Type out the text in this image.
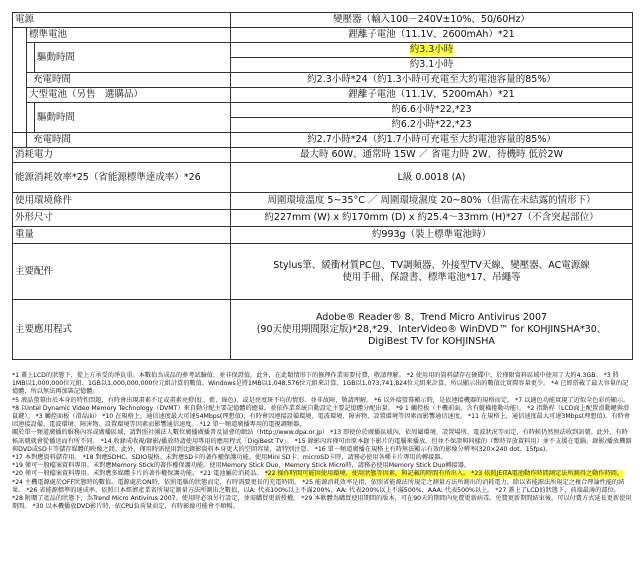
電源			變壓器（輸入100－240V±10%、50/60Hz）
	標準電池		鋰離子電池（11.1V、2600mAh）*21
		驅動時間	約3.3小時
			約3.1小時
	充電時間		約2.3小時*24（約1.3小時可充電至大約電池容量的85%）
	大型電池（另售　選購品）		鋰離子電池（11.1V、5200mAh）*21
		驅動時間	約6.6小時*22,*23
			約6.2小時*22,*23
	充電時間		約2.7小時*24（約1.7小時可充電至大約電池容量的85%）
消耗電力			最大時 60W、通常時 15W ／ 省電力時 2W、待機時 低於2W
能源消耗效率*25（省能源標準達成率）*26			L級 0.0018 (A)
使用環境條件			周圍環境溫度 5~35°C ／ 周圍環境濕度 20~80%（但需在未結露的情形下）
外形尺寸			約227mm (W) x 約170mm (D) x 約25.4～33mm (H)*27（不含突起部位）
重量			約993g（裝上標準電池時）
主要配件			Stylus筆、緩衝材質PC包、TV調頻器、外接型TV天線、變壓器、AC電源線
使用手冊、保證書、標準電池*17、吊繩等

主要應用程式			Adobe® Reader® 8、Trend Micro Antivirus 2007
(90天使用期間限定版)*28,*29、InterVideo® WinDVD™ for KOHJINSHA*30、
DigiBest TV for KOHJINSHA
*1 蓋上LCD的狀態下，從上方承受的淨負重。本數值為成品的參考試驗值，並非保證值。此外，在此類情形下的修理作業需要付費，敬請理解。 *2 使用用的資料儲存在硬碟中，於僅限資料區域中使用了大約4.3GB。 *3 將1MB以1,000,000位元組、1GB以1,000,000,000位元組計算的數值。Windows是將1MB以1,048,576位元組來計算、1GB以1,073,741,824位元組來計算，所以顯示出的數值比實際容量更少。 *4 已經搭載了最大容量的記憶體，所以無法再加裝記憶體。
*5 液晶螢幕由於本身的特性問題，有時會出現畫素不足或畫素亮燈(紅、藍、綠色)，或是亮度斑不均的情形。並非故障，敬請理解。 *6 以外接螢幕顯示時，是依連接機器的規格而定。 *7 以適色功能實現了近似全色彩的顯示。 *8 以Intel Dynamic Video Memory Technology（DVMT）來自動分配主要記憶體的總量，並依作業系統自動設定主要記憶體分配出量。 *9 1 觸控板（主機前面、含有縱橫捲動功能）。 *2 指點桿（LCD面上配置滑動鍵與滑鼠鍵）。 *3 觸控面板（滑晶面） *10 在規格上，通信速度最大可達54Mbps(理想值)，有時會因連接設備環境、電波環境、障害物、設置環境等因素而影響通信速度。 *11 在規格上，通信速度最大可達3Mbps(理想值)。有時會因連接設備、電波環境、障害物、設置環境等因素而影響通信速度。 *12 單一頻道廣播專用的電視調頻器。
關於單一頻道廣播的服務內容或廣播區域，請對照社團法人數位廣播廣播普及協會的網站（http://www.dpa.or.jp） *13 即使位於廣播區域內，依周圍環境、設置場所、電波狀況等而定，有時候仍然無法收到訊號。此外，有時候訊號就會從播送而有所不同。 *14 收錄成收視/錄影/播放時請使用專用的應用程式「DigiBest TV」。 *15 錄影內容僅可由原本錄下影片的電腦來播放。但並不保證與同樣的（暫時存放資料用）並不支援在電腦、錄影/播放機器與DVD或SD卡等儲存媒體的映像之間。此外，僅用時需使用到比錄影資料本身更大的空間容量，請特別注意。 *16 單一頻道廣播在規格上有時無法顯示有效的影像分辨率(320×240 dot、15fps)。
*17 本對應資料儲存用。 *18 對應SDHC、SDIO規格。未對應SD卡的著作權保護功能。使用Mini SD卡、microSD卡時，請務必使用各種卡片專用的轉接器。
*19 僅可一般檔案資料專用。未對應Memory Stick的著作權保護功能。使用Memory Stick Duo、Memory Stick Micro時，請務必使用Memory Stick Duo轉接器。
*20 僅可一般檔案資料專用。未對應多媒體卡片的著作權保護功能。 *21 電池屬於消耗品。 *22 操作時間可能因使用環境、使用狀態等因素，與記載的時間有所出入。 *23 依照JEITA電池動作時間測定法所測得之動作時間。 *24 主機電源處於OFF狀態時的數值。電源處於ON時，依照電腦的狀態而定，有時需要更長的充電時間。 *25 能源消耗效率是指，依照省能源法所規定之測量方法所測出的消耗電力，除以省能源法所規定之複合理論性能的結果。 *26 省能源標準的達成率。依照日本經濟產業省所規定測量方法所測出之數值，以A: 代表100%以上不滿200%、AA: 代表200%以上不滿500%、AAA: 代表500%以上。 *27 蓋上了LCD的狀態下，前端最薄的部位。 *28 附贈了產品的狀態下，為Trend Micro Antivirus 2007。使用時必須另行設定，並需購買更新授權。 *29 本軟體為購買使用期間的版本，可在90天的期間內免費更新病毒。免費更新期間結束後，可以付費方式延長更新使用期間。 *30 以本機播放DVD影片時，依CPU負荷量而定，有時影像可能會不順暢。
